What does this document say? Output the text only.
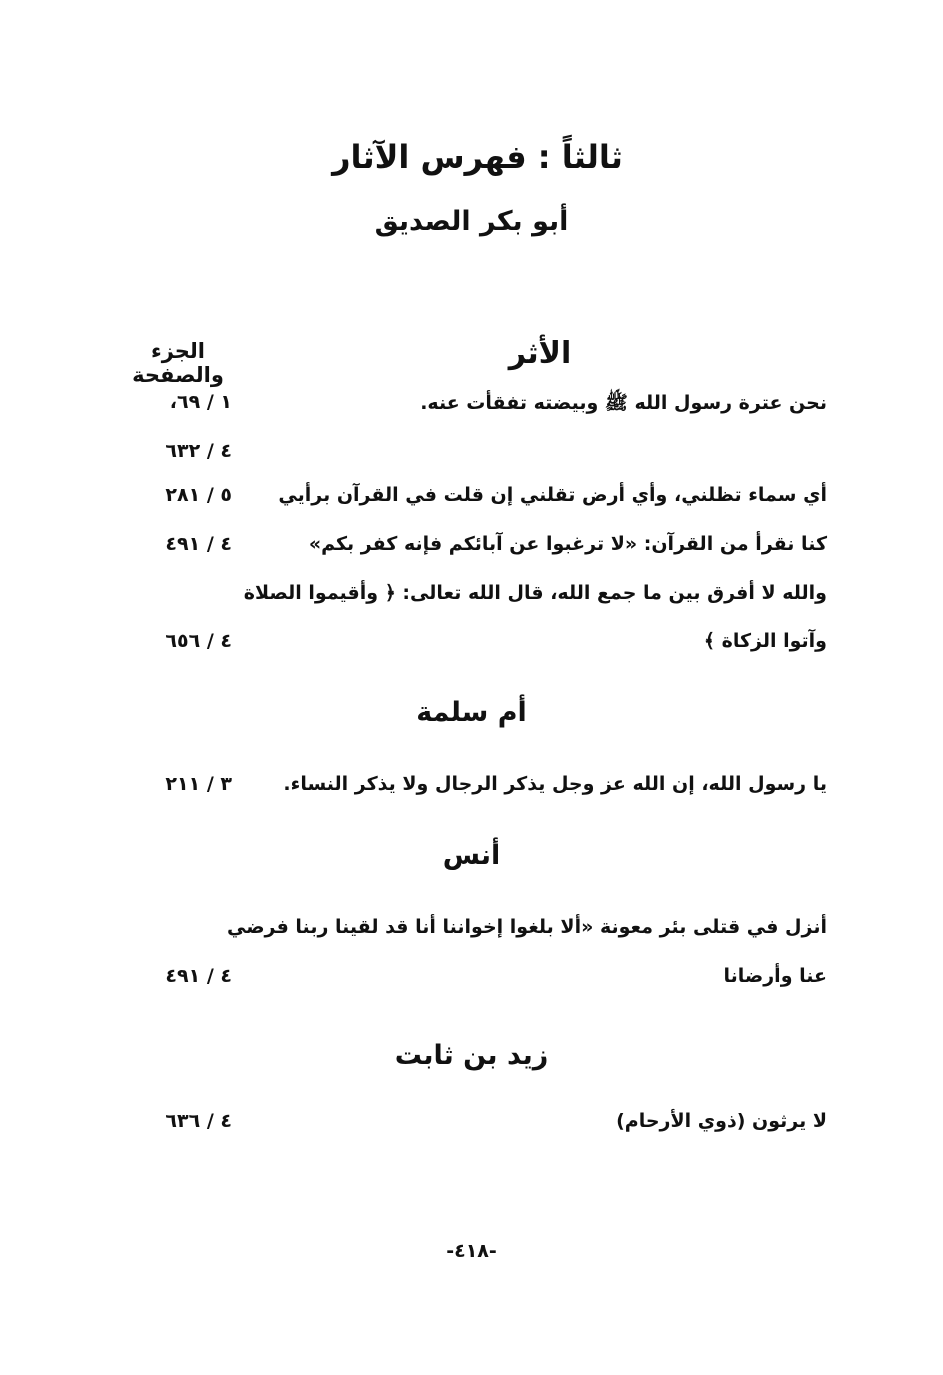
ثالثاً : فهرس الآثار
أبو بكر الصديق
الأثر
الجزء والصفحة
نحن عترة رسول الله ﷺ وبيضته تفقأت عنه.
١ / ٦٩،
٤ / ٦٣٢
أي سماء تظلني، وأي أرض تقلني إن قلت في القرآن برأيي
٥ / ٢٨١
كنا نقرأ من القرآن: «لا ترغبوا عن آبائكم فإنه كفر بكم»
٤ / ٤٩١
والله لا أفرق بين ما جمع الله، قال الله تعالى: ﴿ وأقيموا الصلاة
وآتوا الزكاة ﴾
٤ / ٦٥٦
أم سلمة
يا رسول الله، إن الله عز وجل يذكر الرجال ولا يذكر النساء.
٣ / ٢١١
أنس
أنزل في قتلى بئر معونة «ألا بلغوا إخواننا أنا قد لقينا ربنا فرضي
عنا وأرضانا
٤ / ٤٩١
زيد بن ثابت
لا يرثون (ذوي الأرحام)
٤ / ٦٣٦
-٤١٨-
